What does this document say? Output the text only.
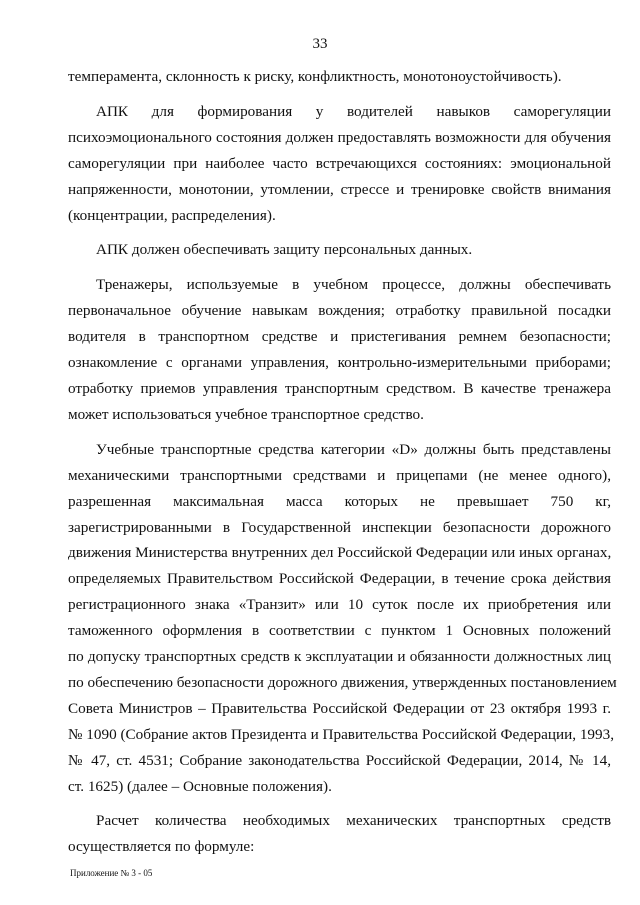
33
темперамента, склонность к риску, конфликтность, монотоноустойчивость).
АПК для формирования у водителей навыков саморегуляции
психоэмоционального состояния должен предоставлять возможности для обучения
саморегуляции при наиболее часто встречающихся состояниях: эмоциональной
напряженности, монотонии, утомлении, стрессе и тренировке свойств внимания
(концентрации, распределения).
АПК должен обеспечивать защиту персональных данных.
Тренажеры, используемые в учебном процессе, должны обеспечивать
первоначальное обучение навыкам вождения; отработку правильной посадки
водителя в транспортном средстве и пристегивания ремнем безопасности;
ознакомление с органами управления, контрольно-измерительными приборами;
отработку приемов управления транспортным средством. В качестве тренажера
может использоваться учебное транспортное средство.
Учебные транспортные средства категории «D» должны быть представлены
механическими транспортными средствами и прицепами (не менее одного),
разрешенная максимальная масса которых не превышает 750 кг,
зарегистрированными в Государственной инспекции безопасности дорожного
движения Министерства внутренних дел Российской Федерации или иных органах,
определяемых Правительством Российской Федерации, в течение срока действия
регистрационного знака «Транзит» или 10 суток после их приобретения или
таможенного оформления в соответствии с пунктом 1 Основных положений
по допуску транспортных средств к эксплуатации и обязанности должностных лиц
по обеспечению безопасности дорожного движения, утвержденных постановлением
Совета Министров – Правительства Российской Федерации от 23 октября 1993 г.
№ 1090 (Собрание актов Президента и Правительства Российской Федерации, 1993,
№ 47, ст. 4531; Собрание законодательства Российской Федерации, 2014, № 14,
ст. 1625) (далее – Основные положения).
Расчет количества необходимых механических транспортных средств
осуществляется по формуле:
Приложение № 3 - 05
